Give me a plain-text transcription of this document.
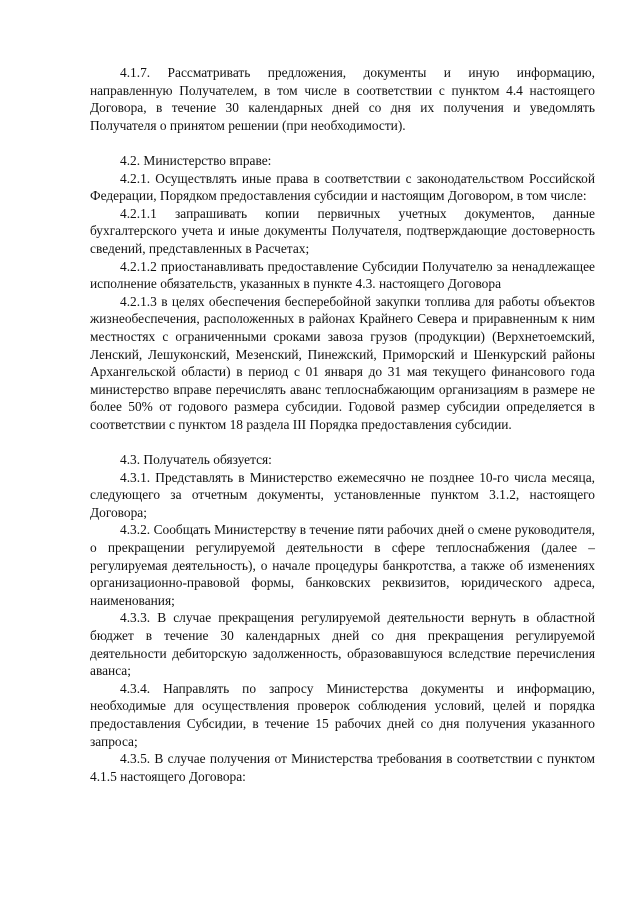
4.1.7. Рассматривать предложения, документы и иную информацию, направленную Получателем, в том числе в соответствии с пунктом 4.4 настоящего Договора, в течение 30 календарных дней со дня их получения и уведомлять Получателя о принятом решении (при необходимости).

4.2. Министерство вправе:

4.2.1. Осуществлять иные права в соответствии с законодательством Российской Федерации, Порядком предоставления субсидии и настоящим Договором, в том числе:

4.2.1.1 запрашивать копии первичных учетных документов, данные бухгалтерского учета и иные документы Получателя, подтверждающие достоверность сведений, представленных в Расчетах;

4.2.1.2 приостанавливать предоставление Субсидии Получателю за ненадлежащее исполнение обязательств, указанных в пункте 4.3. настоящего Договора

4.2.1.3 в целях обеспечения бесперебойной закупки топлива для работы объектов жизнеобеспечения, расположенных в районах Крайнего Севера и приравненным к ним местностях с ограниченными сроками завоза грузов (продукции) (Верхнетоемский, Ленский, Лешуконский, Мезенский, Пинежский, Приморский и Шенкурский районы Архангельской области) в период с 01 января до 31 мая текущего финансового года министерство вправе перечислять аванс теплоснабжающим организациям в размере не более 50% от годового размера субсидии. Годовой размер субсидии определяется в соответствии с пунктом 18 раздела III Порядка предоставления субсидии.

4.3. Получатель обязуется:

4.3.1. Представлять в Министерство ежемесячно не позднее 10-го числа месяца, следующего за отчетным документы, установленные пунктом 3.1.2, настоящего Договора;

4.3.2. Сообщать Министерству в течение пяти рабочих дней о смене руководителя, о прекращении регулируемой деятельности в сфере теплоснабжения (далее – регулируемая деятельность), о начале процедуры банкротства, а также об изменениях организационно-правовой формы, банковских реквизитов, юридического адреса, наименования;

4.3.3. В случае прекращения регулируемой деятельности вернуть в областной бюджет в течение 30 календарных дней со дня прекращения регулируемой деятельности дебиторскую задолженность, образовавшуюся вследствие перечисления аванса;

4.3.4. Направлять по запросу Министерства документы и информацию, необходимые для осуществления проверок соблюдения условий, целей и порядка предоставления Субсидии, в течение 15 рабочих дней со дня получения указанного запроса;

4.3.5. В случае получения от Министерства требования в соответствии с пунктом 4.1.5 настоящего Договора:
